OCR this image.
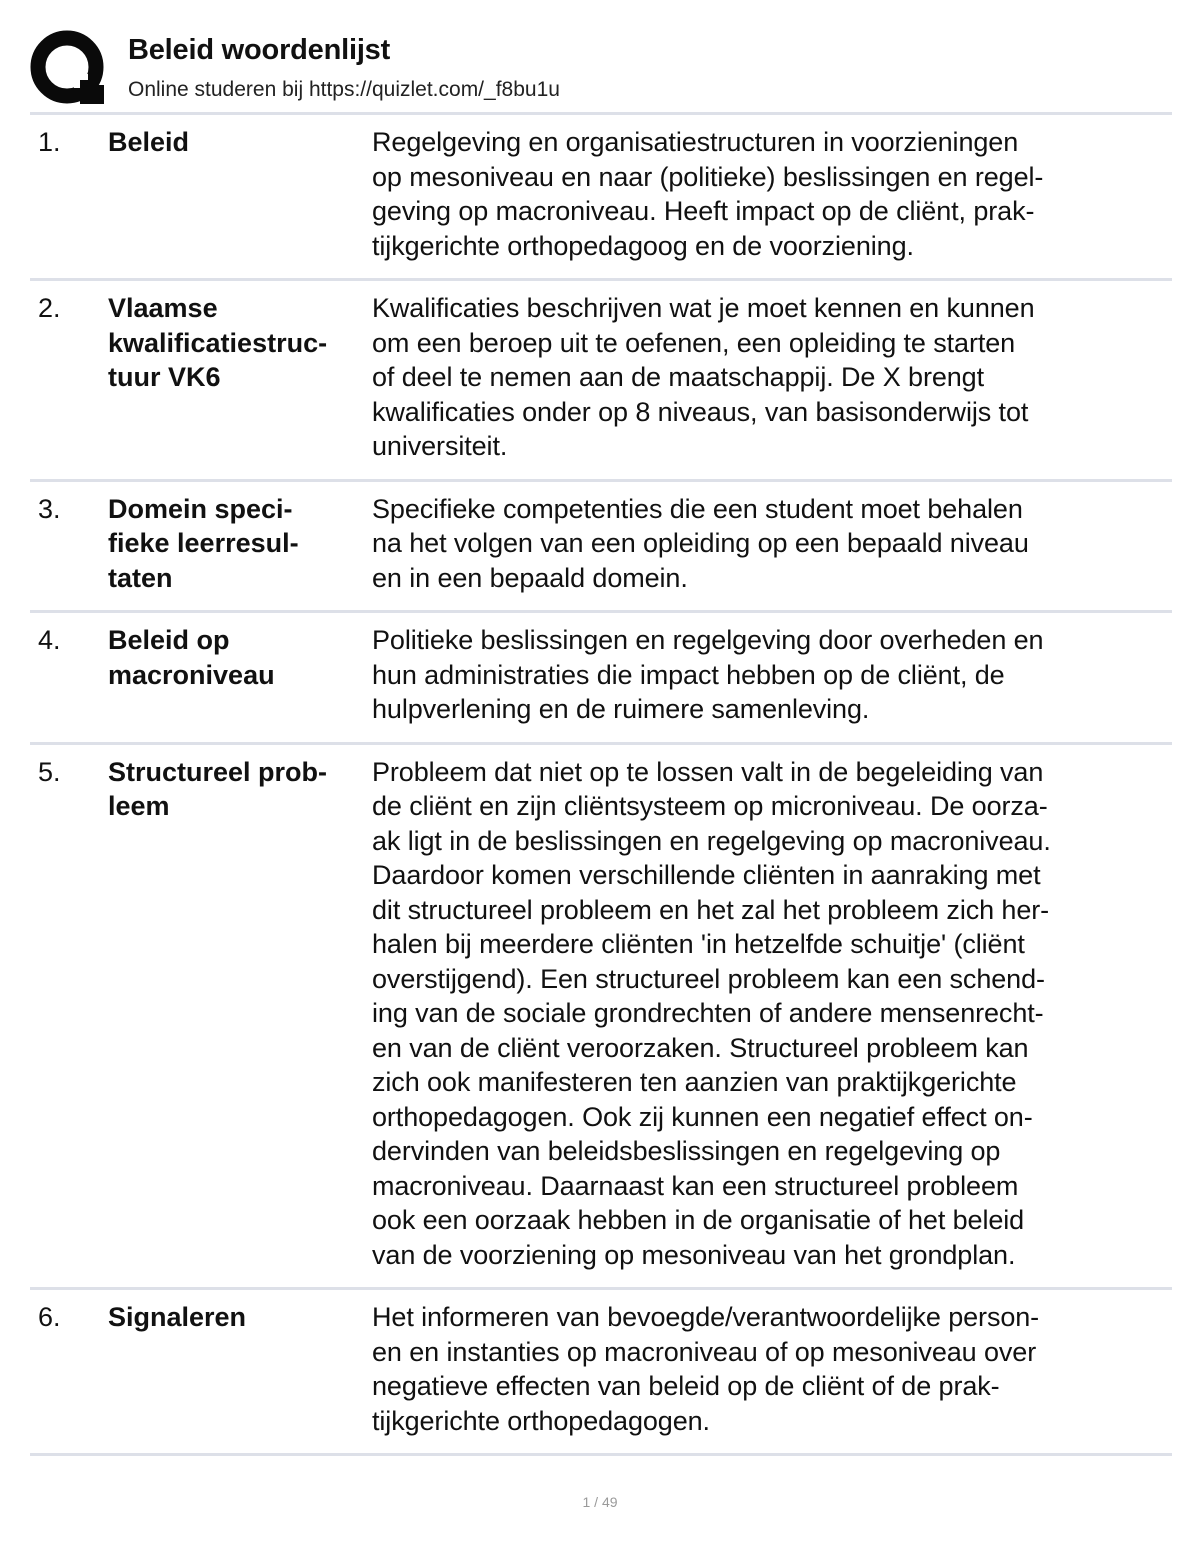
Beleid woordenlijst
Online studeren bij https://quizlet.com/_f8bu1u
1. Beleid	Regelgeving en organisatiestructuren in voorzieningen
op mesoniveau en naar (politieke) beslissingen en regel-
geving op macroniveau. Heeft impact op de cliënt, prak-
tijkgerichte orthopedagoog en de voorziening.
2. Vlaamse
kwalificatiestruc-
tuur VK6
Kwalificaties beschrijven wat je moet kennen en kunnen
om een beroep uit te oefenen, een opleiding te starten
of deel te nemen aan de maatschappij. De X brengt
kwalificaties onder op 8 niveaus, van basisonderwijs tot
universiteit.
3. Domein speci-
fieke leerresul-
taten
Specifieke competenties die een student moet behalen
na het volgen van een opleiding op een bepaald niveau
en in een bepaald domein.
4. Beleid op
macroniveau
Politieke beslissingen en regelgeving door overheden en
hun administraties die impact hebben op de cliënt, de
hulpverlening en de ruimere samenleving.
5. Structureel prob-
leem
Probleem dat niet op te lossen valt in de begeleiding van
de cliënt en zijn cliëntsysteem op microniveau. De oorza-
ak ligt in de beslissingen en regelgeving op macroniveau.
Daardoor komen verschillende cliënten in aanraking met
dit structureel probleem en het zal het probleem zich her-
halen bij meerdere cliënten 'in hetzelfde schuitje' (cliënt
overstijgend). Een structureel probleem kan een schend-
ing van de sociale grondrechten of andere mensenrecht-
en van de cliënt veroorzaken. Structureel probleem kan
zich ook manifesteren ten aanzien van praktijkgerichte
orthopedagogen. Ook zij kunnen een negatief effect on-
dervinden van beleidsbeslissingen en regelgeving op
macroniveau. Daarnaast kan een structureel probleem
ook een oorzaak hebben in de organisatie of het beleid
van de voorziening op mesoniveau van het grondplan.
6. Signaleren	Het informeren van bevoegde/verantwoordelijke person-
en en instanties op macroniveau of op mesoniveau over
negatieve effecten van beleid op de cliënt of de prak-
tijkgerichte orthopedagogen.
1 / 49
